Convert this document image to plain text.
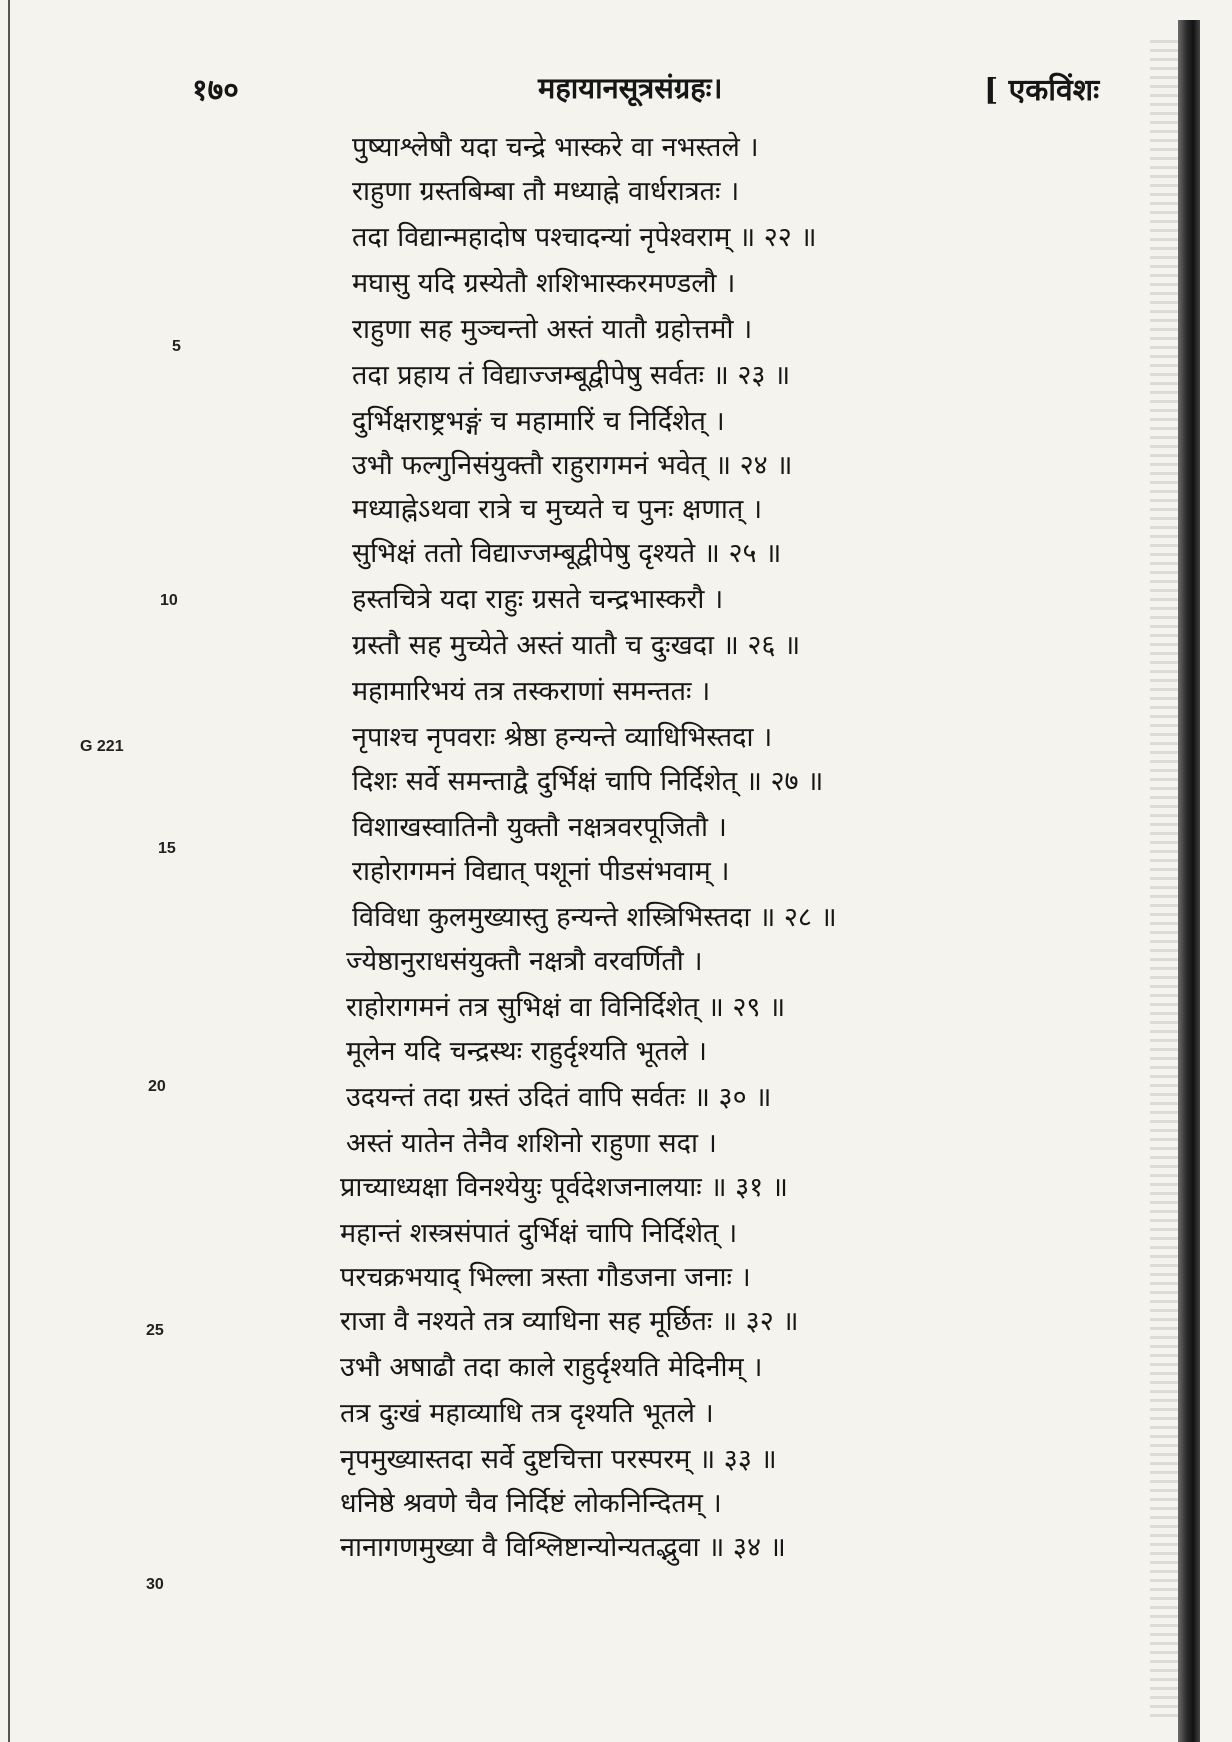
१७०	महायानसूत्रसंग्रहः।	[ एकविंशः
पुष्याश्लेषौ यदा चन्द्रे भास्करे वा नभस्तले ।
राहुणा ग्रस्तबिम्बा तौ मध्याह्ने वार्धरात्रतः ।
तदा विद्यान्महादोष पश्चादन्यां नृपेश्वराम् ॥ २२ ॥
मघासु यदि ग्रस्येतौ शशिभास्करमण्डलौ ।
राहुणा सह मुञ्चन्तो अस्तं यातौ ग्रहोत्तमौ ।
तदा प्रहाय तं विद्याज्जम्बूद्वीपेषु सर्वतः ॥ २३ ॥
दुर्भिक्षराष्ट्रभङ्गं च महामारिं च निर्दिशेत् ।
उभौ फल्गुनिसंयुक्तौ राहुरागमनं भवेत् ॥ २४ ॥
मध्याह्नेऽथवा रात्रे च मुच्यते च पुनः क्षणात् ।
सुभिक्षं ततो विद्याज्जम्बूद्वीपेषु दृश्यते ॥ २५ ॥
हस्तचित्रे यदा राहुः ग्रसते चन्द्रभास्करौ ।
ग्रस्तौ सह मुच्येते अस्तं यातौ च दुःखदा ॥ २६ ॥
महामारिभयं तत्र तस्कराणां समन्ततः ।
नृपाश्च नृपवराः श्रेष्ठा हन्यन्ते व्याधिभिस्तदा ।
दिशः सर्वे समन्ताद्वै दुर्भिक्षं चापि निर्दिशेत् ॥ २७ ॥
विशाखस्वातिनौ युक्तौ नक्षत्रवरपूजितौ ।
राहोरागमनं विद्यात् पशूनां पीडसंभवाम् ।
विविधा कुलमुख्यास्तु हन्यन्ते शस्त्रिभिस्तदा ॥ २८ ॥
ज्येष्ठानुराधसंयुक्तौ नक्षत्रौ वरवर्णितौ ।
राहोरागमनं तत्र सुभिक्षं वा विनिर्दिशेत् ॥ २९ ॥
मूलेन यदि चन्द्रस्थः राहुर्दृश्यति भूतले ।
उदयन्तं तदा ग्रस्तं उदितं वापि सर्वतः ॥ ३० ॥
अस्तं यातेन तेनैव शशिनो राहुणा सदा ।
प्राच्याध्यक्षा विनश्येयुः पूर्वदेशजनालयाः ॥ ३१ ॥
महान्तं शस्त्रसंपातं दुर्भिक्षं चापि निर्दिशेत् ।
परचक्रभयाद् भिल्ला त्रस्ता गौडजना जनाः ।
राजा वै नश्यते तत्र व्याधिना सह मूर्छितः ॥ ३२ ॥
उभौ अषाढौ तदा काले राहुर्दृश्यति मेदिनीम् ।
तत्र दुःखं महाव्याधि तत्र दृश्यति भूतले ।
नृपमुख्यास्तदा सर्वे दुष्टचित्ता परस्परम् ॥ ३३ ॥
धनिष्ठे श्रवणे चैव निर्दिष्टं लोकनिन्दितम् ।
नानागणमुख्या वै विश्लिष्टान्योन्यतद्भुवा ॥ ३४ ॥
5
10
G 221
15
20
25
30
